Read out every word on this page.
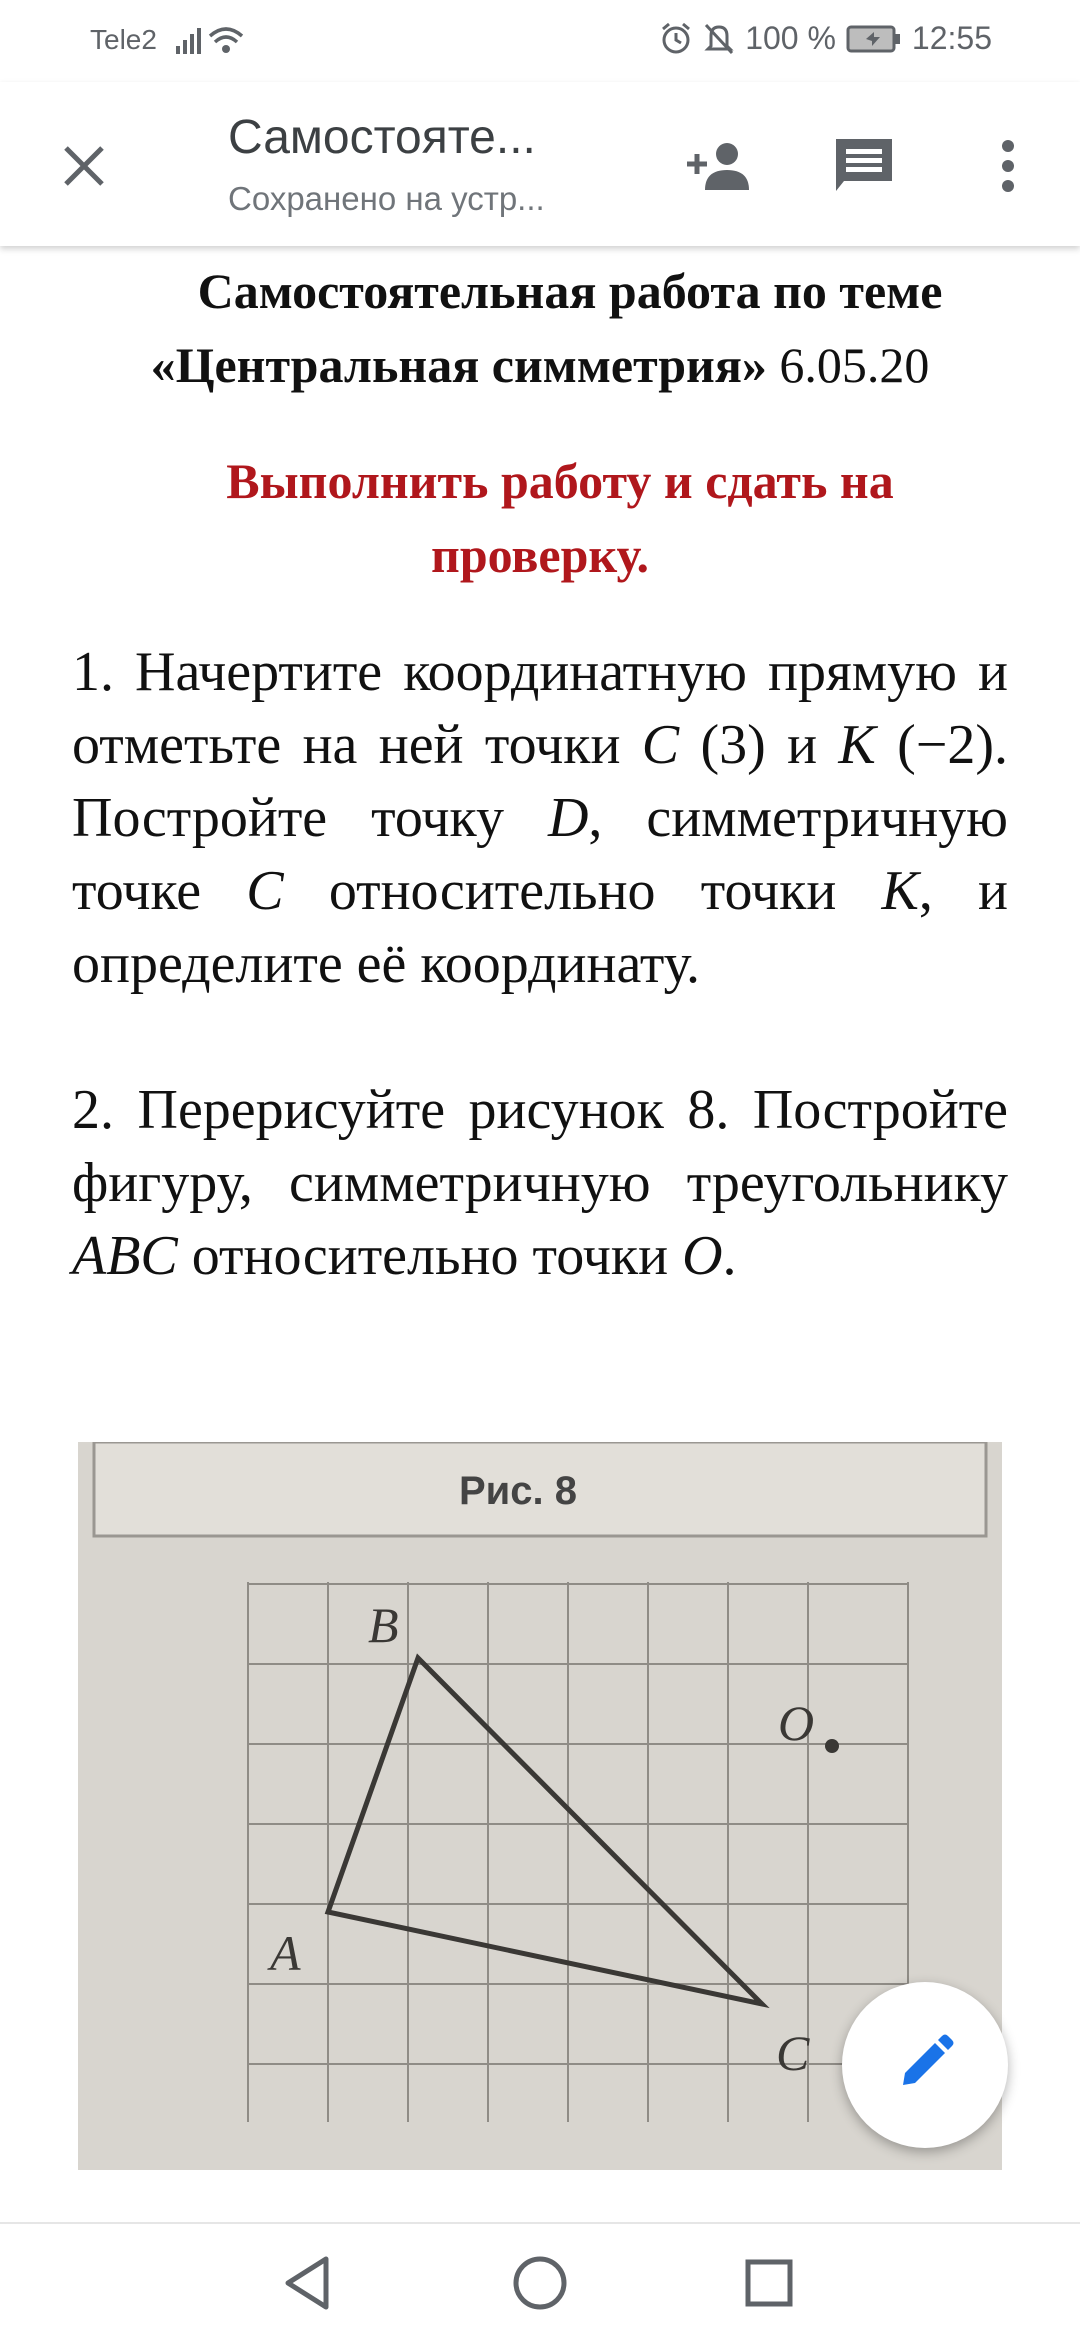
Tele2	100 % 12:55
Самостояте...
Сохранено на устр...
Самостоятельная работа по теме
«Центральная симметрия» 6.05.20
Выполнить работу и сдать на
проверку.
1. Начертите координатную прямую и отметьте на ней точки C (3) и K (−2). Постройте точку D, симметричную точке C относительно точки K, и определите её координату.
2. Перерисуйте рисунок 8. Постройте фигуру, симметричную треугольнику ABC относительно точки O.
Рис. 8
B
A
O
C
